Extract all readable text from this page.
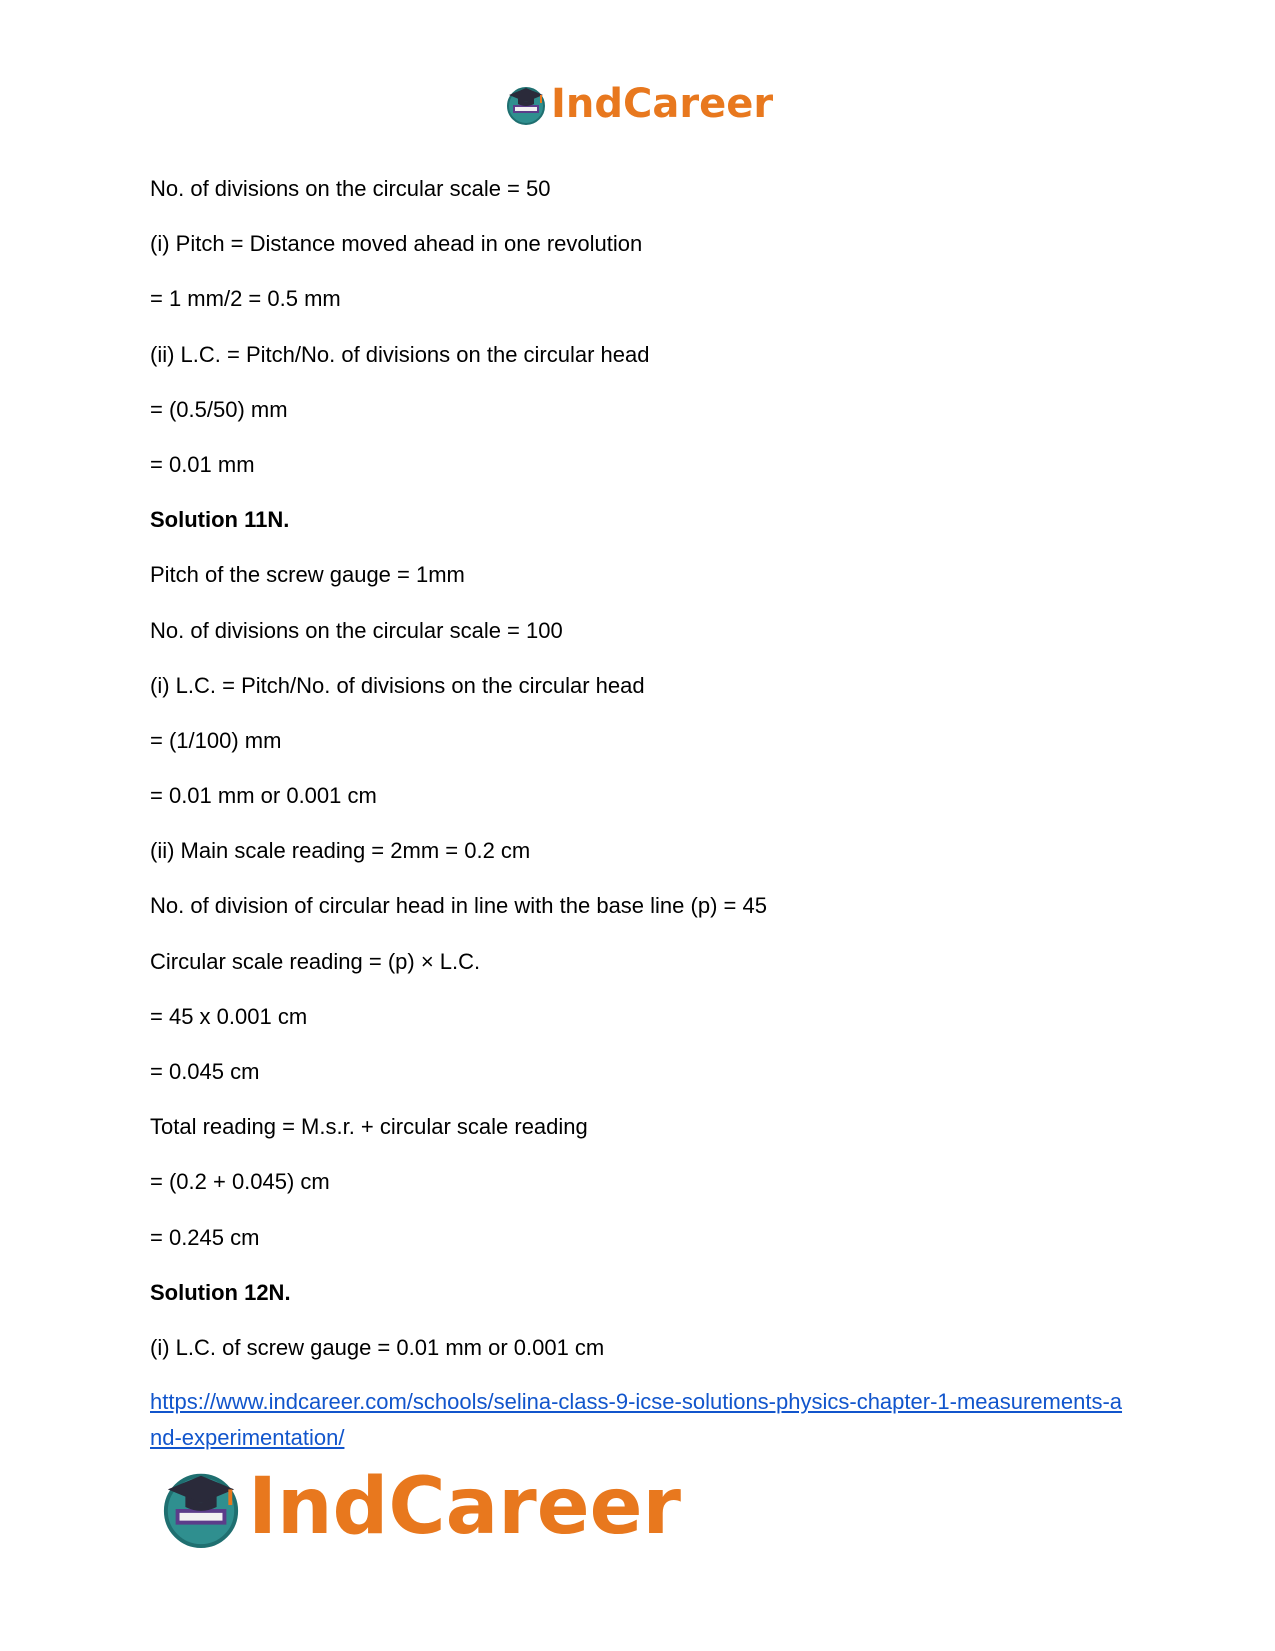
IndCareer
No. of divisions on the circular scale = 50
(i) Pitch = Distance moved ahead in one revolution
= 1 mm/2 = 0.5 mm
(ii) L.C. = Pitch/No. of divisions on the circular head
= (0.5/50) mm
= 0.01 mm
Solution 11N.
Pitch of the screw gauge = 1mm
No. of divisions on the circular scale = 100
(i) L.C. = Pitch/No. of divisions on the circular head
= (1/100) mm
= 0.01 mm or 0.001 cm
(ii) Main scale reading = 2mm = 0.2 cm
No. of division of circular head in line with the base line (p) = 45
Circular scale reading = (p) × L.C.
= 45 x 0.001 cm
= 0.045 cm
Total reading = M.s.r. + circular scale reading
= (0.2 + 0.045) cm
= 0.245 cm
Solution 12N.
(i) L.C. of screw gauge = 0.01 mm or 0.001 cm
https://www.indcareer.com/schools/selina-class-9-icse-solutions-physics-chapter-1-measurements-and-experimentation/
IndCareer
